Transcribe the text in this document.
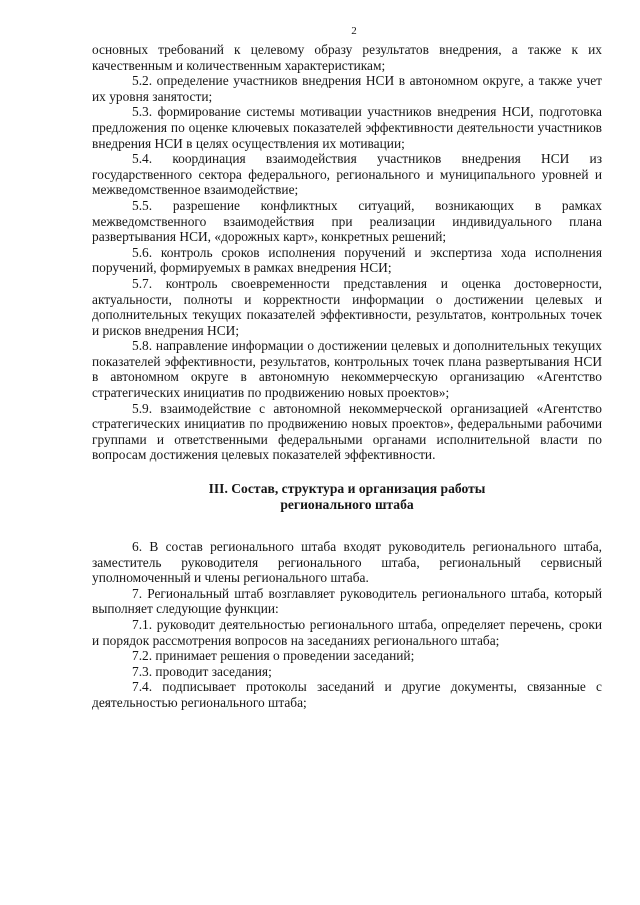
2

основных требований к целевому образу результатов внедрения, а также к их качественным и количественным характеристикам;

5.2. определение участников внедрения НСИ в автономном округе, а также учет их уровня занятости;

5.3. формирование системы мотивации участников внедрения НСИ, подготовка предложения по оценке ключевых показателей эффективности деятельности участников внедрения НСИ в целях осуществления их мотивации;

5.4. координация взаимодействия участников внедрения НСИ из государственного сектора федерального, регионального и муниципального уровней и межведомственное взаимодействие;

5.5. разрешение конфликтных ситуаций, возникающих в рамках межведомственного взаимодействия при реализации индивидуального плана развертывания НСИ, «дорожных карт», конкретных решений;

5.6. контроль сроков исполнения поручений и экспертиза хода исполнения поручений, формируемых в рамках внедрения НСИ;

5.7. контроль своевременности представления и оценка достоверности, актуальности, полноты и корректности информации о достижении целевых и дополнительных текущих показателей эффективности, результатов, контрольных точек и рисков внедрения НСИ;

5.8. направление информации о достижении целевых и дополнительных текущих показателей эффективности, результатов, контрольных точек плана развертывания НСИ в автономном округе в автономную некоммерческую организацию «Агентство стратегических инициатив по продвижению новых проектов»;

5.9. взаимодействие с автономной некоммерческой организацией «Агентство стратегических инициатив по продвижению новых проектов», федеральными рабочими группами и ответственными федеральными органами исполнительной власти по вопросам достижения целевых показателей эффективности.

III. Состав, структура и организация работы
регионального штаба

6. В состав регионального штаба входят руководитель регионального штаба, заместитель руководителя регионального штаба, региональный сервисный уполномоченный и члены регионального штаба.

7. Региональный штаб возглавляет руководитель регионального штаба, который выполняет следующие функции:

7.1. руководит деятельностью регионального штаба, определяет перечень, сроки и порядок рассмотрения вопросов на заседаниях регионального штаба;

7.2. принимает решения о проведении заседаний;

7.3. проводит заседания;

7.4. подписывает протоколы заседаний и другие документы, связанные с деятельностью регионального штаба;
